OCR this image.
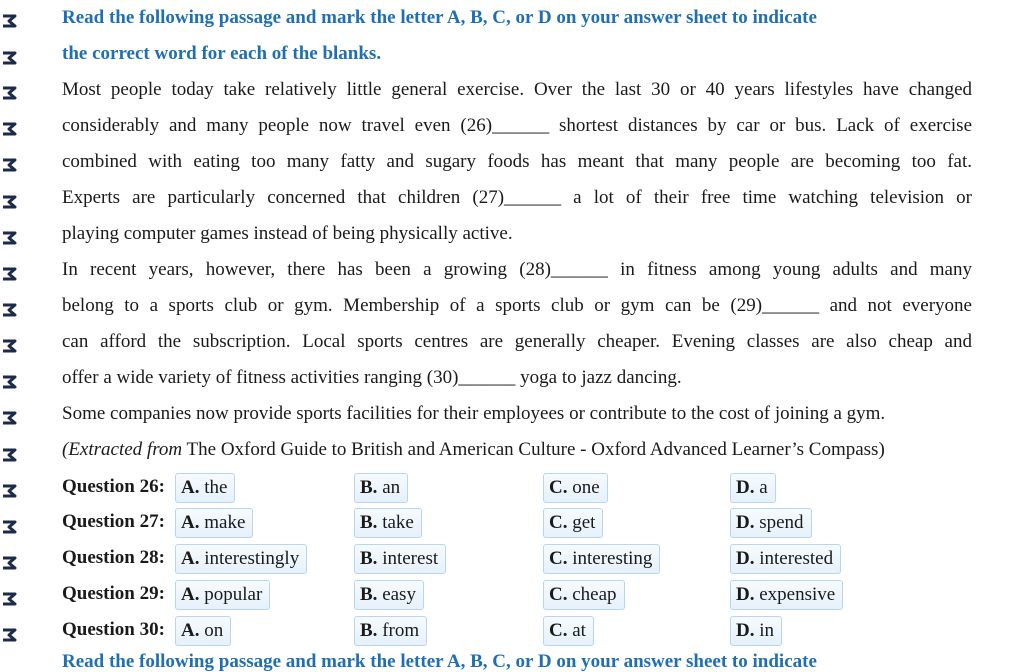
Read the following passage and mark the letter A, B, C, or D on your answer sheet to indicate
the correct word for each of the blanks.
Most people today take relatively little general exercise. Over the last 30 or 40 years lifestyles have changed
considerably and many people now travel even (26)______ shortest distances by car or bus. Lack of exercise
combined with eating too many fatty and sugary foods has meant that many people are becoming too fat.
Experts are particularly concerned that children (27)______ a lot of their free time watching television or
playing computer games instead of being physically active.
In recent years, however, there has been a growing (28)______ in fitness among young adults and many
belong to a sports club or gym. Membership of a sports club or gym can be (29)______ and not everyone
can afford the subscription. Local sports centres are generally cheaper. Evening classes are also cheap and
offer a wide variety of fitness activities ranging (30)______ yoga to jazz dancing.
Some companies now provide sports facilities for their employees or contribute to the cost of joining a gym.
(Extracted from The Oxford Guide to British and American Culture - Oxford Advanced Learner’s Compass)
Question 26: A. the	B. an	C. one	D. a
Question 27: A. make	B. take	C. get	D. spend
Question 28: A. interestingly	B. interest	C. interesting	D. interested
Question 29: A. popular	B. easy	C. cheap	D. expensive
Question 30: A. on	B. from	C. at	D. in
Read the following passage and mark the letter A, B, C, or D on your answer sheet to indicate
